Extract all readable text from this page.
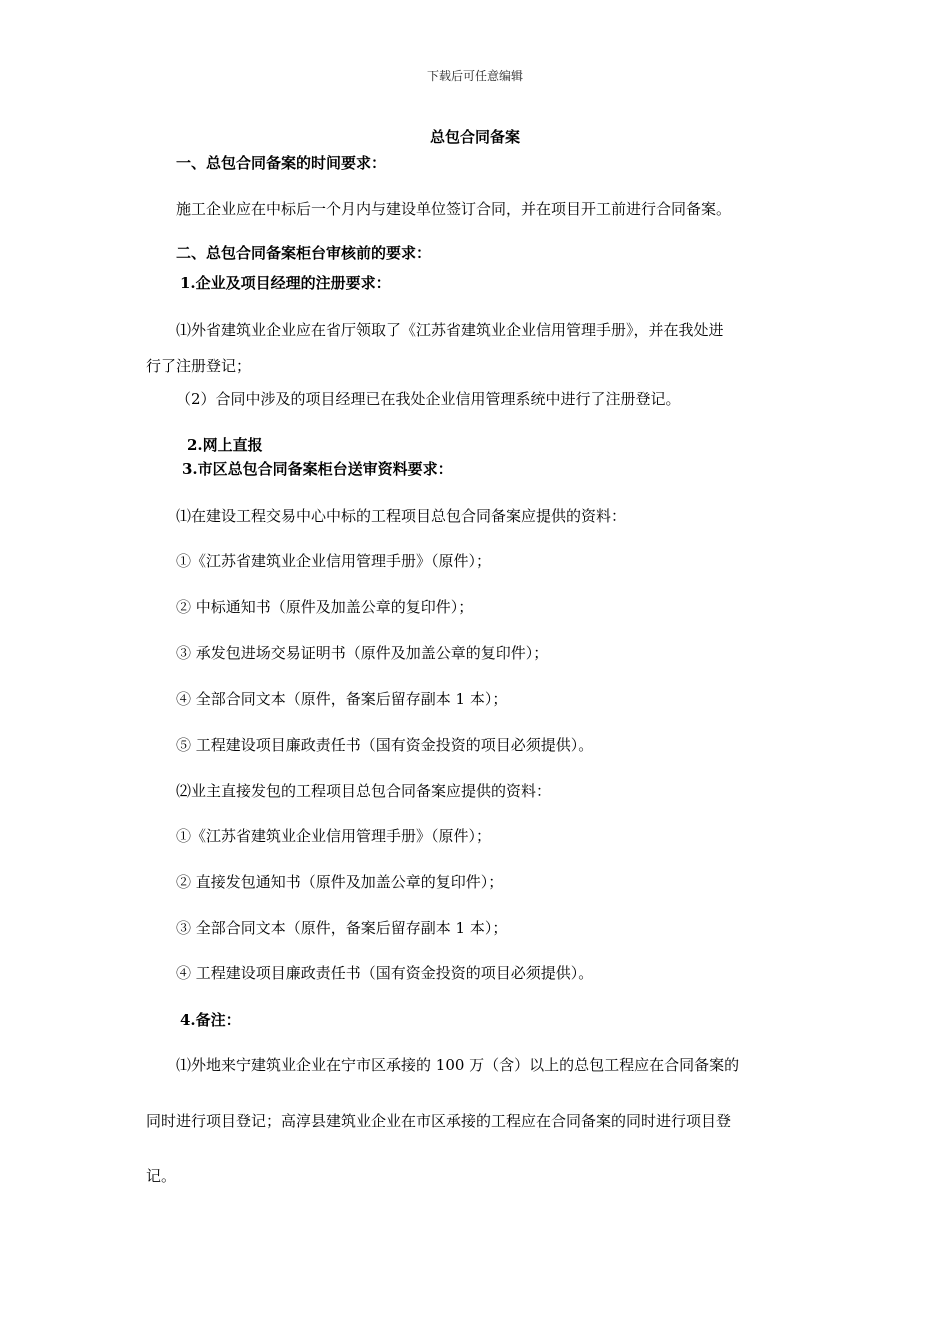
下载后可任意编辑
总包合同备案
一、总包合同备案的时间要求：
施工企业应在中标后一个月内与建设单位签订合同，并在项目开工前进行合同备案。
二、总包合同备案柜台审核前的要求：
1.企业及项目经理的注册要求：
⑴外省建筑业企业应在省厅领取了《江苏省建筑业企业信用管理手册》，并在我处进
行了注册登记；
（2）合同中涉及的项目经理已在我处企业信用管理系统中进行了注册登记。
2.网上直报
3.市区总包合同备案柜台送审资料要求：
⑴在建设工程交易中心中标的工程项目总包合同备案应提供的资料：
①《江苏省建筑业企业信用管理手册》（原件）；
② 中标通知书（原件及加盖公章的复印件）；
③ 承发包进场交易证明书（原件及加盖公章的复印件）；
④ 全部合同文本（原件，备案后留存副本 1 本）；
⑤ 工程建设项目廉政责任书（国有资金投资的项目必须提供）。
⑵业主直接发包的工程项目总包合同备案应提供的资料：
①《江苏省建筑业企业信用管理手册》（原件）；
② 直接发包通知书（原件及加盖公章的复印件）；
③ 全部合同文本（原件，备案后留存副本 1 本）；
④ 工程建设项目廉政责任书（国有资金投资的项目必须提供）。
4.备注：
⑴外地来宁建筑业企业在宁市区承接的 100 万（含）以上的总包工程应在合同备案的
同时进行项目登记；高淳县建筑业企业在市区承接的工程应在合同备案的同时进行项目登
记。
